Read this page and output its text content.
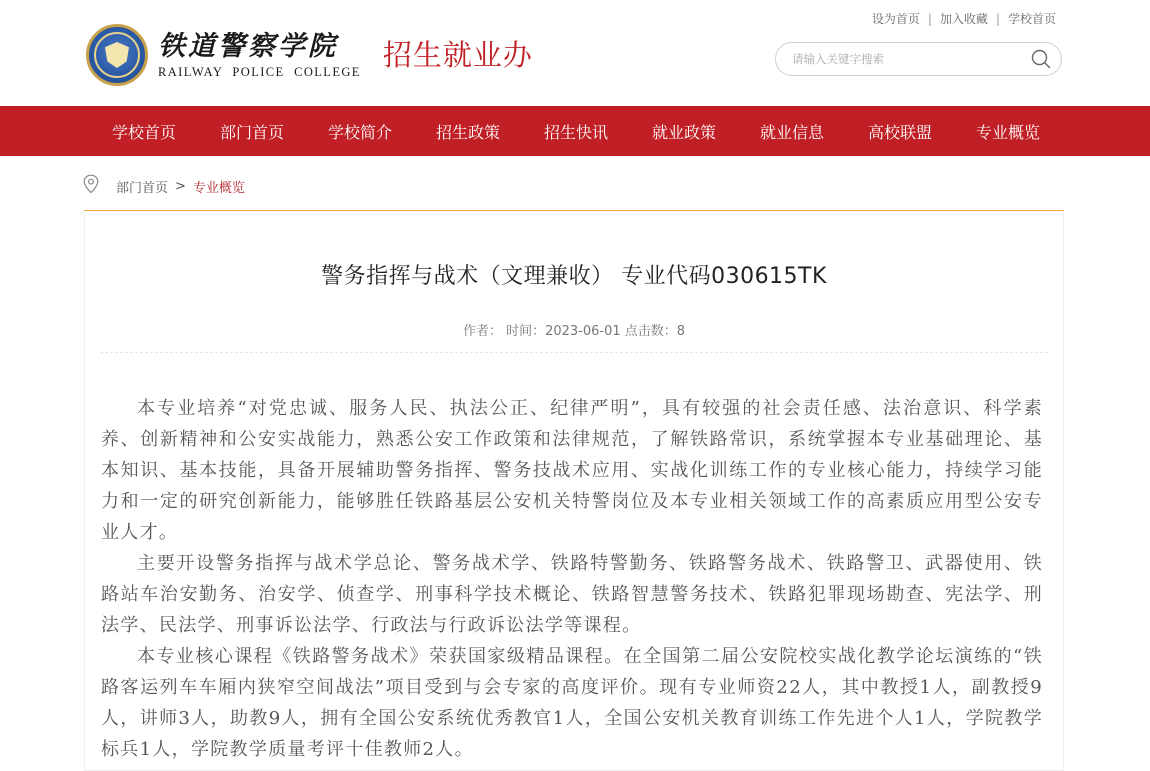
铁道警察学院
RAILWAY POLICE COLLEGE 招生就业办
设为首页 | 加入收藏 | 学校首页
请输入关键字搜索
学校首页	部门首页	学校简介	招生政策	招生快讯	就业政策	就业信息	高校联盟	专业概览
部门首页 > 专业概览
警务指挥与战术（文理兼收） 专业代码030615TK
作者： 时间：2023-06-01 点击数：8

本专业培养“对党忠诚、服务人民、执法公正、纪律严明”，具有较强的社会责任感、法治意识、科学素养、创新精神和公安实战能力，熟悉公安工作政策和法律规范，了解铁路常识，系统掌握本专业基础理论、基本知识、基本技能，具备开展辅助警务指挥、警务技战术应用、实战化训练工作的专业核心能力，持续学习能力和一定的研究创新能力，能够胜任铁路基层公安机关特警岗位及本专业相关领域工作的高素质应用型公安专业人才。

主要开设警务指挥与战术学总论、警务战术学、铁路特警勤务、铁路警务战术、铁路警卫、武器使用、铁路站车治安勤务、治安学、侦查学、刑事科学技术概论、铁路智慧警务技术、铁路犯罪现场勘查、宪法学、刑法学、民法学、刑事诉讼法学、行政法与行政诉讼法学等课程。

本专业核心课程《铁路警务战术》荣获国家级精品课程。在全国第二届公安院校实战化教学论坛演练的“铁路客运列车车厢内狭窄空间战法”项目受到与会专家的高度评价。现有专业师资22人，其中教授1人，副教授9人，讲师3人，助教9人，拥有全国公安系统优秀教官1人，全国公安机关教育训练工作先进个人1人，学院教学标兵1人，学院教学质量考评十佳教师2人。
